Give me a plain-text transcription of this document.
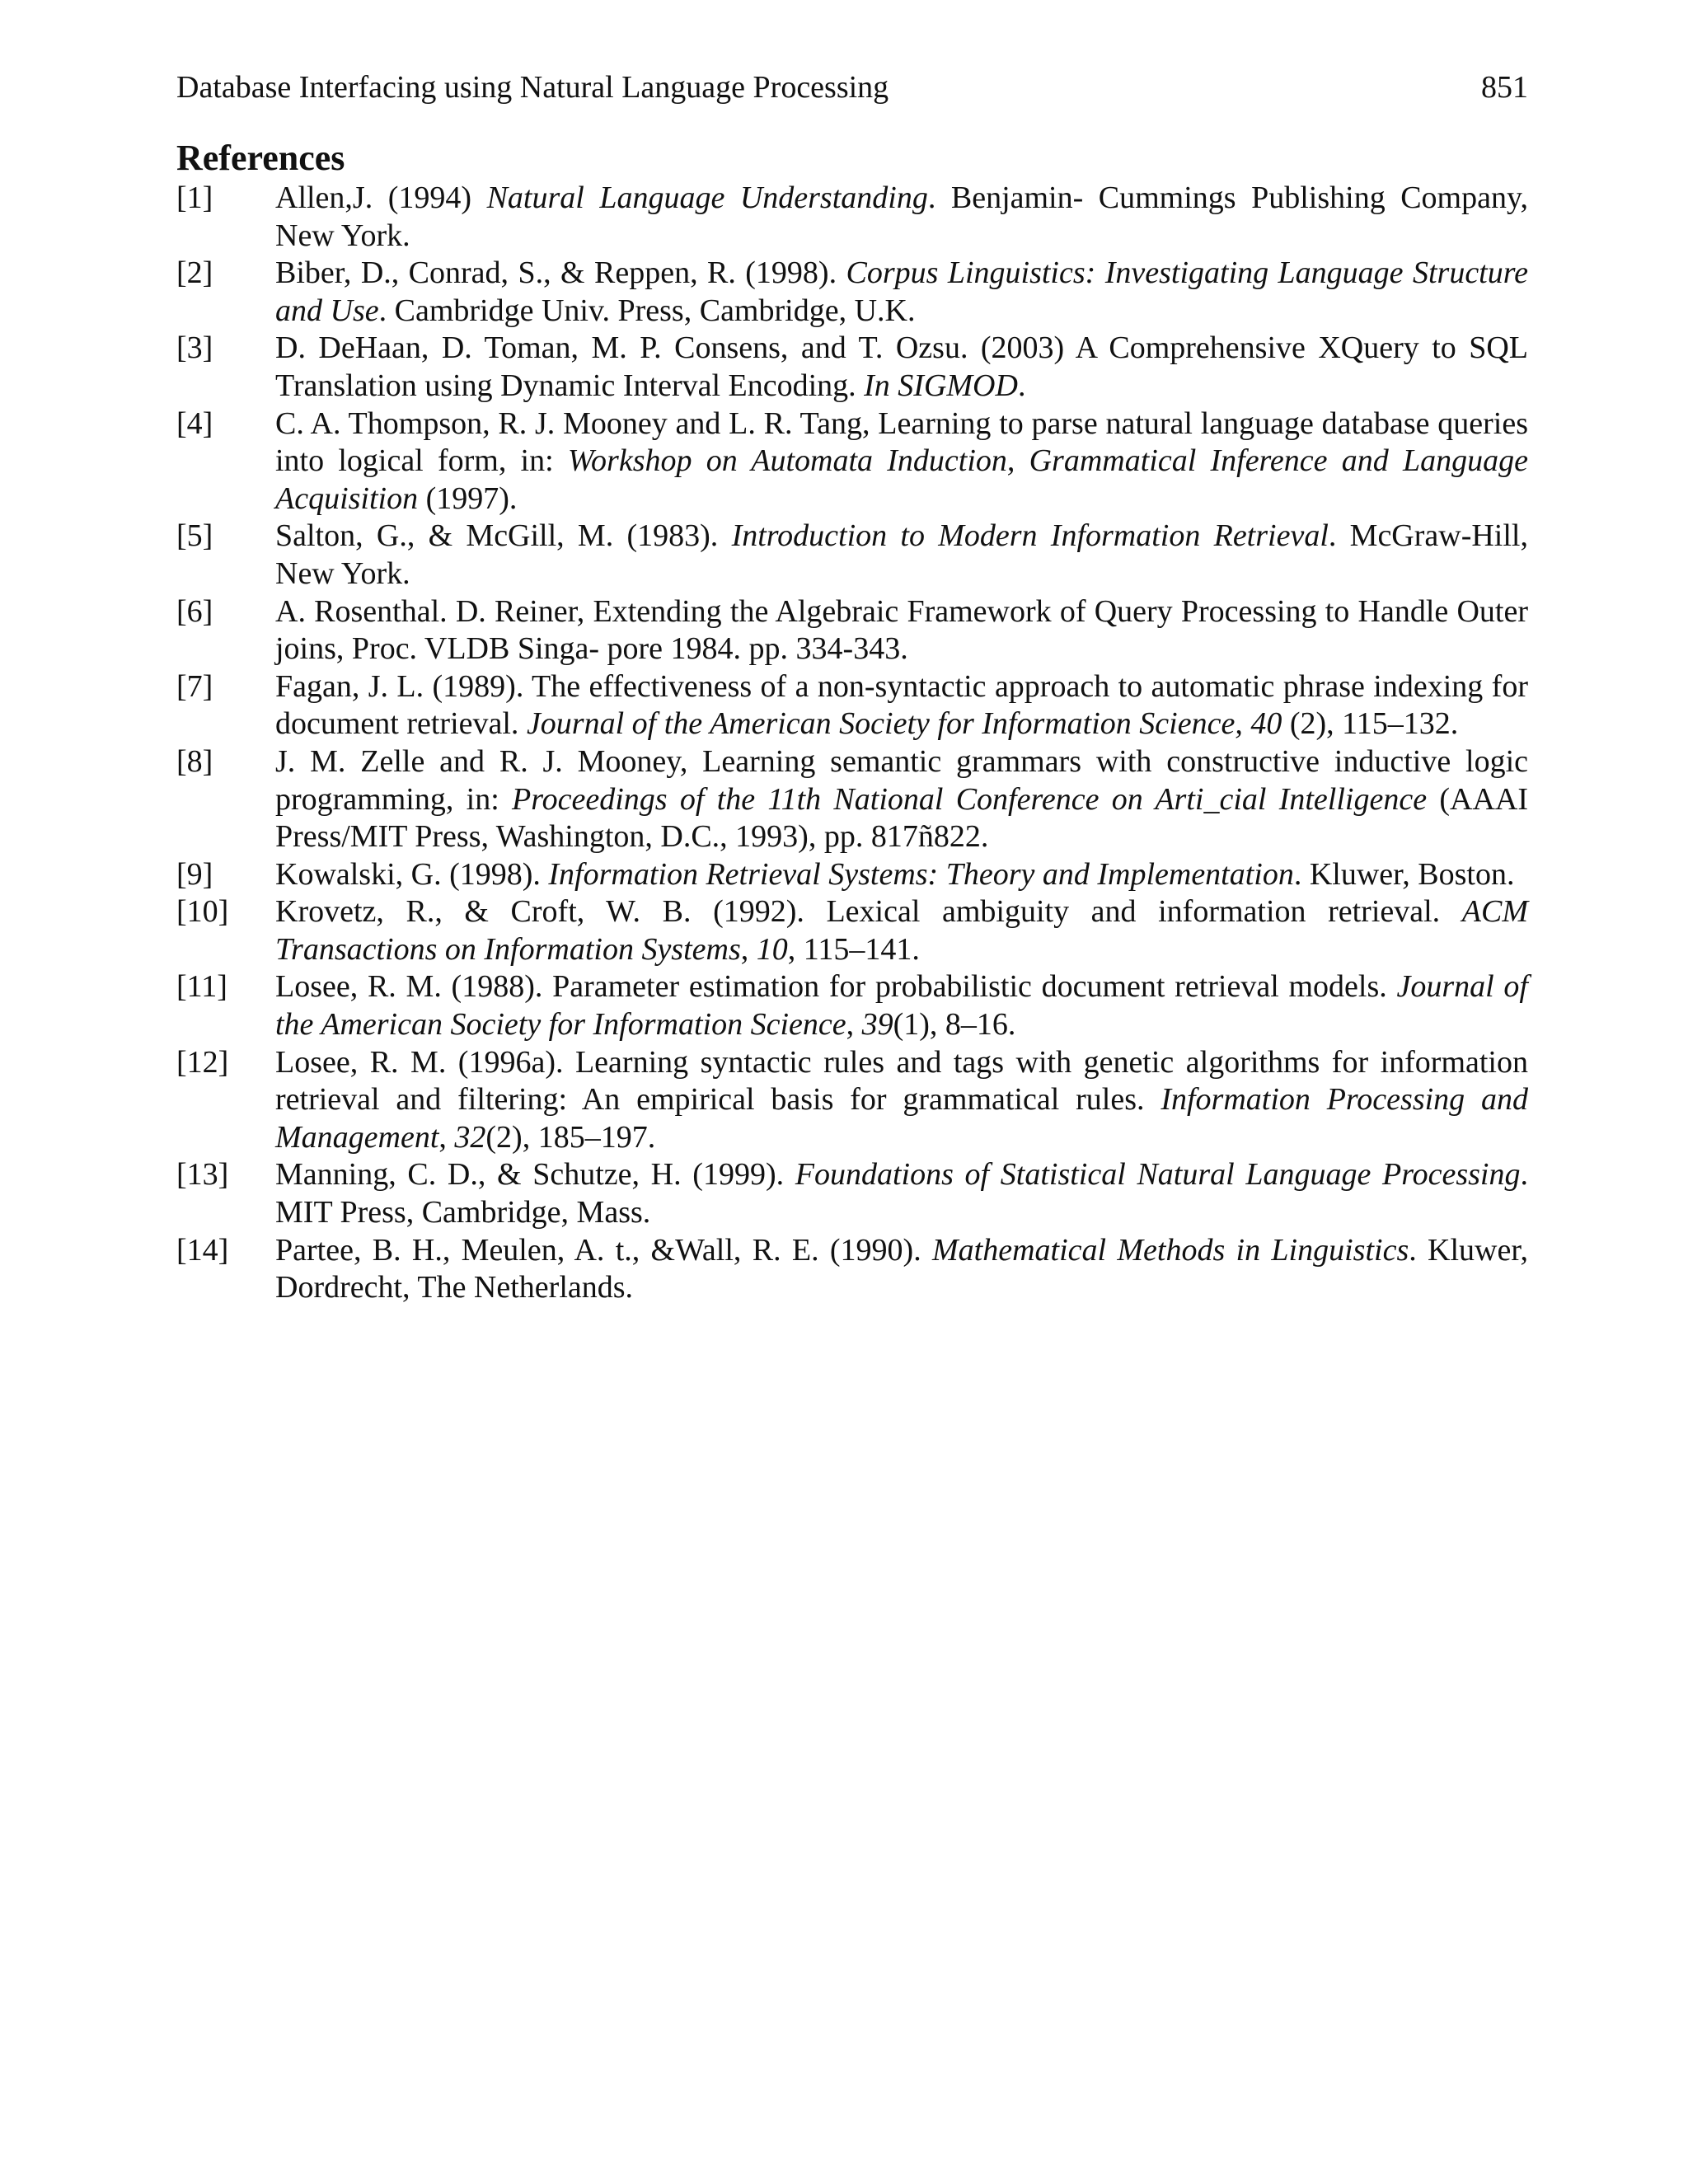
Database Interfacing using Natural Language Processing	851
References
[1] Allen,J. (1994) Natural Language Understanding. Benjamin- Cummings Publishing Company, New York.
[2] Biber, D., Conrad, S., & Reppen, R. (1998). Corpus Linguistics: Investigating Language Structure and Use. Cambridge Univ. Press, Cambridge, U.K.
[3] D. DeHaan, D. Toman, M. P. Consens, and T. Ozsu. (2003) A Comprehensive XQuery to SQL Translation using Dynamic Interval Encoding. In SIGMOD.
[4] C. A. Thompson, R. J. Mooney and L. R. Tang, Learning to parse natural language database queries into logical form, in: Workshop on Automata Induction, Grammatical Inference and Language Acquisition (1997).
[5] Salton, G., & McGill, M. (1983). Introduction to Modern Information Retrieval. McGraw-Hill, New York.
[6] A. Rosenthal. D. Reiner, Extending the Algebraic Framework of Query Processing to Handle Outer joins, Proc. VLDB Singa- pore 1984. pp. 334-343.
[7] Fagan, J. L. (1989). The effectiveness of a non-syntactic approach to automatic phrase indexing for document retrieval. Journal of the American Society for Information Science, 40 (2), 115–132.
[8] J. M. Zelle and R. J. Mooney, Learning semantic grammars with constructive inductive logic programming, in: Proceedings of the 11th National Conference on Arti_cial Intelligence (AAAI Press/MIT Press, Washington, D.C., 1993), pp. 817ñ822.
[9] Kowalski, G. (1998). Information Retrieval Systems: Theory and Implementation. Kluwer, Boston.
[10] Krovetz, R., & Croft, W. B. (1992). Lexical ambiguity and information retrieval. ACM Transactions on Information Systems, 10, 115–141.
[11] Losee, R. M. (1988). Parameter estimation for probabilistic document retrieval models. Journal of the American Society for Information Science, 39(1), 8–16.
[12] Losee, R. M. (1996a). Learning syntactic rules and tags with genetic algorithms for information retrieval and filtering: An empirical basis for grammatical rules. Information Processing and Management, 32(2), 185–197.
[13] Manning, C. D., & Schutze, H. (1999). Foundations of Statistical Natural Language Processing. MIT Press, Cambridge, Mass.
[14] Partee, B. H., Meulen, A. t., &Wall, R. E. (1990). Mathematical Methods in Linguistics. Kluwer, Dordrecht, The Netherlands.
